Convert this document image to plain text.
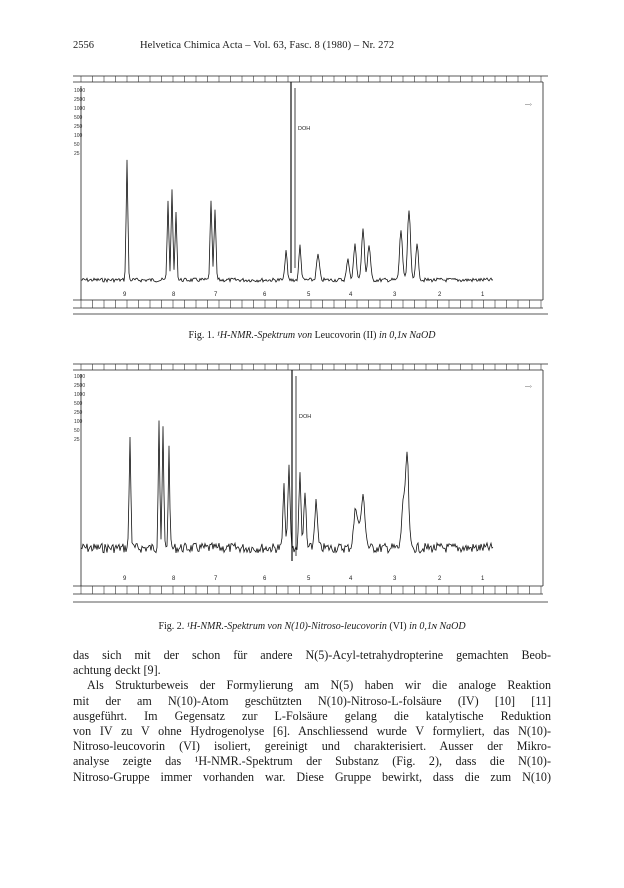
2556	Helvetica Chimica Acta – Vol. 63, Fasc. 8 (1980) – Nr. 272
1000
2500
1000
500
250
100
50
25
DOH
9	8	7	6	5	4	3	2	1
—›
Fig. 1. ¹H-NMR.-Spektrum von Leucovorin (II) in 0,1ɴ NaOD
1000
2500
1000
500
250
100
50
25
DOH
9	8	7	6	5	4	3	2	1
—›
Fig. 2. ¹H-NMR.-Spektrum von N(10)-Nitroso-leucovorin (VI) in 0,1ɴ NaOD

das sich mit der schon für andere N(5)-Acyl-tetrahydropterine gemachten Beob-
achtung deckt [9].

Als Strukturbeweis der Formylierung am N(5) haben wir die analoge Reaktion
mit der am N(10)-Atom geschützten N(10)-Nitroso-L-folsäure (IV) [10] [11]
ausgeführt. Im Gegensatz zur L-Folsäure gelang die katalytische Reduktion
von IV zu V ohne Hydrogenolyse [6]. Anschliessend wurde V formyliert, das N(10)-
Nitroso-leucovorin (VI) isoliert, gereinigt und charakterisiert. Ausser der Mikro-
analyse zeigte das ¹H-NMR.-Spektrum der Substanz (Fig. 2), dass die N(10)-
Nitroso-Gruppe immer vorhanden war. Diese Gruppe bewirkt, dass die zum N(10)
